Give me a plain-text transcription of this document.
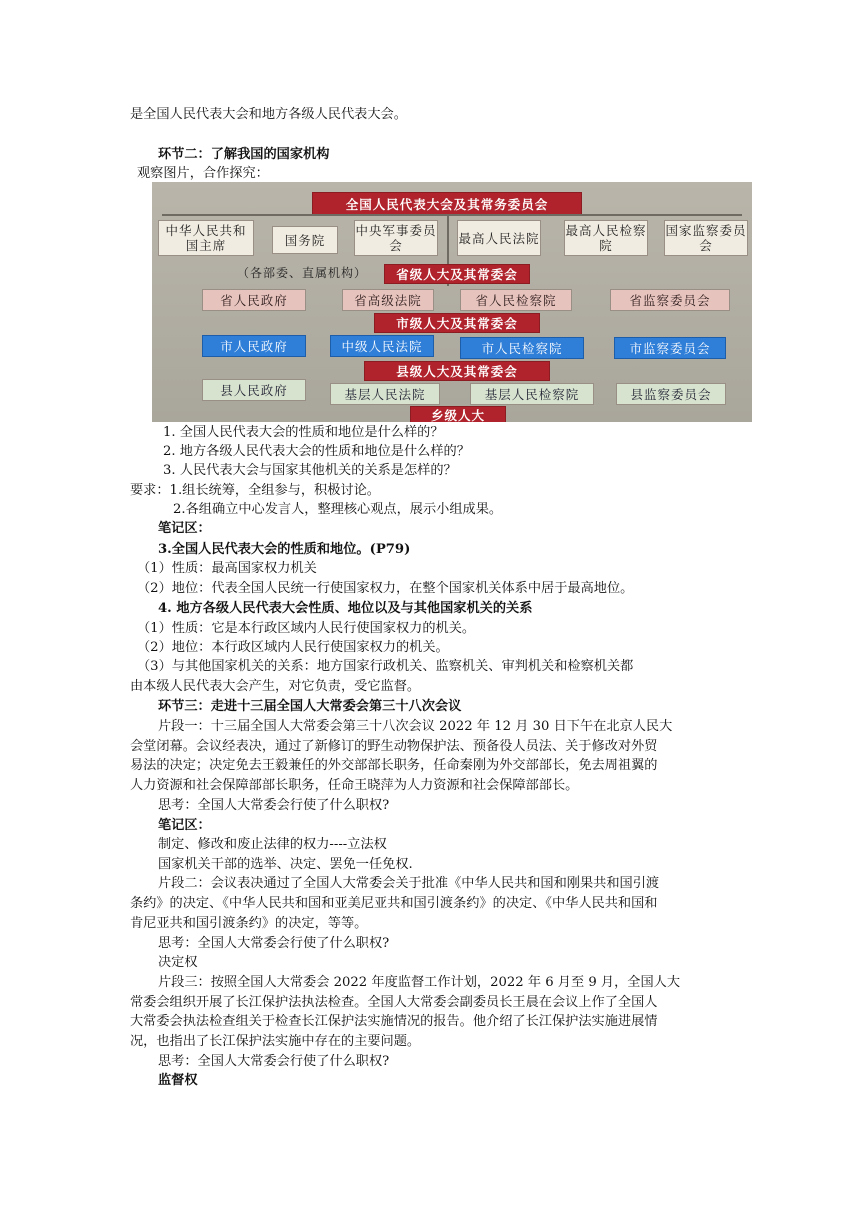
是全国人民代表大会和地方各级人民代表大会。
环节二：了解我国的国家机构
观察图片，合作探究：
全国人民代表大会及其常务委员会
中华人民共和国主席	国务院
中央军事委员会	最高人民法院 最高人民检察院
国家监察委员会
（各部委、直属机构）	省级人大及其常委会
省人民政府	省高级法院	省人民检察院	省监察委员会
市级人大及其常委会
市人民政府	中级人民法院	市人民检察院	市监察委员会
县级人大及其常委会
县人民政府	基层人民法院	基层人民检察院	县监察委员会
乡级人大
1. 全国人民代表大会的性质和地位是什么样的？
2. 地方各级人民代表大会的性质和地位是什么样的？
3. 人民代表大会与国家其他机关的关系是怎样的？
要求：1.组长统筹，全组参与，积极讨论。
2.各组确立中心发言人，整理核心观点，展示小组成果。
笔记区：
3.全国人民代表大会的性质和地位。(P79)
（1）性质：最高国家权力机关
（2）地位：代表全国人民统一行使国家权力，在整个国家机关体系中居于最高地位。
4. 地方各级人民代表大会性质、地位以及与其他国家机关的关系
（1）性质：它是本行政区域内人民行使国家权力的机关。
（2）地位：本行政区域内人民行使国家权力的机关。
（3）与其他国家机关的关系：地方国家行政机关、监察机关、审判机关和检察机关都
由本级人民代表大会产生，对它负责，受它监督。
环节三：走进十三届全国人大常委会第三十八次会议
片段一：十三届全国人大常委会第三十八次会议 2022 年 12 月 30 日下午在北京人民大
会堂闭幕。会议经表决，通过了新修订的野生动物保护法、预备役人员法、关于修改对外贸
易法的决定；决定免去王毅兼任的外交部部长职务，任命秦刚为外交部部长，免去周祖翼的
人力资源和社会保障部部长职务，任命王晓萍为人力资源和社会保障部部长。
思考：全国人大常委会行使了什么职权?
笔记区：
制定、修改和废止法律的权力----立法权
国家机关干部的选举、决定、罢免一任免权.
片段二：会议表决通过了全国人大常委会关于批准《中华人民共和国和刚果共和国引渡
条约》的决定、《中华人民共和国和亚美尼亚共和国引渡条约》的决定、《中华人民共和国和
肯尼亚共和国引渡条约》的决定，等等。
思考：全国人大常委会行使了什么职权?
决定权
片段三：按照全国人大常委会 2022 年度监督工作计划，2022 年 6 月至 9 月，全国人大
常委会组织开展了长江保护法执法检查。全国人大常委会副委员长王晨在会议上作了全国人
大常委会执法检查组关于检查长江保护法实施情况的报告。他介绍了长江保护法实施进展情
况，也指出了长江保护法实施中存在的主要问题。
思考：全国人大常委会行使了什么职权?
监督权
